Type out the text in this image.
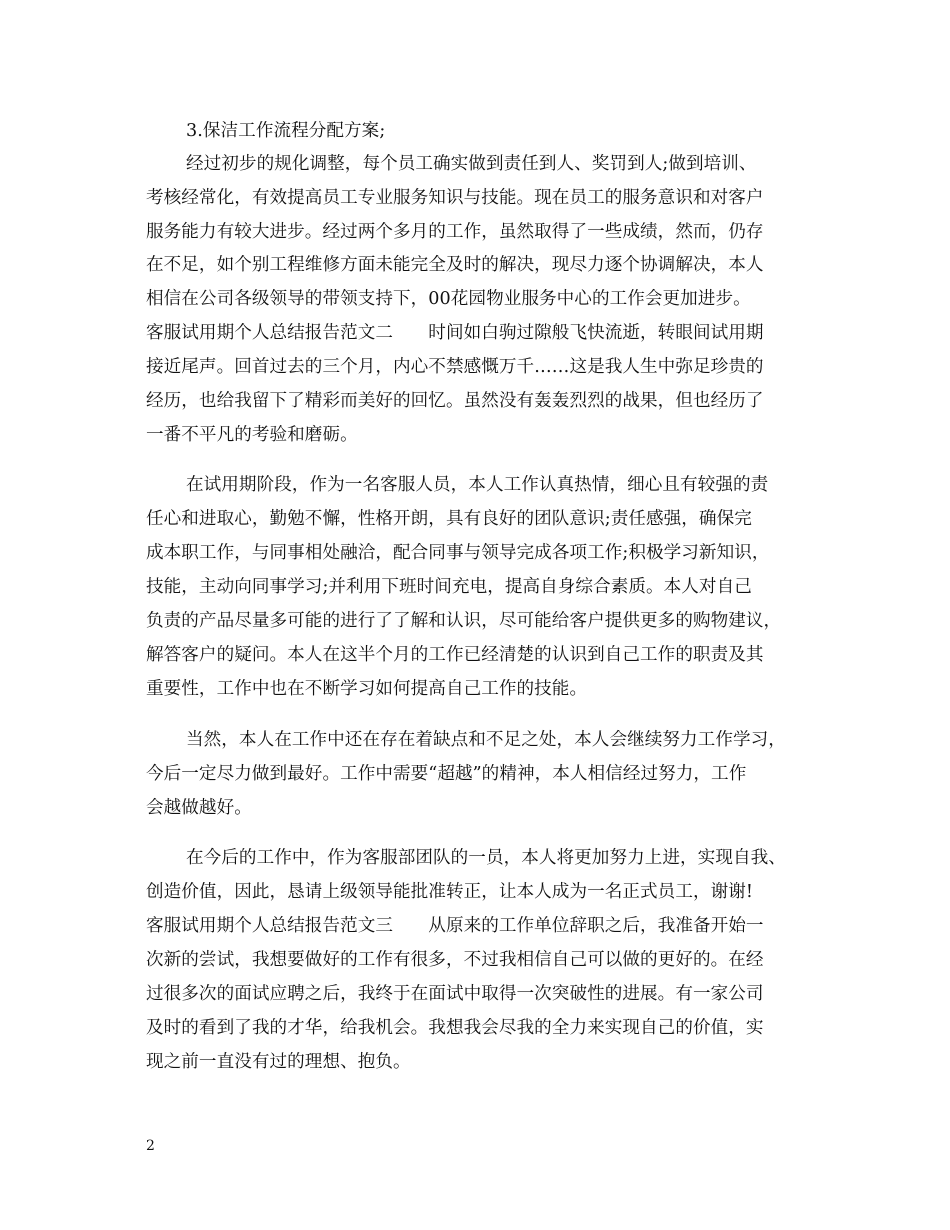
3.保洁工作流程分配方案;
经过初步的规化调整，每个员工确实做到责任到人、奖罚到人;做到培训、
考核经常化，有效提高员工专业服务知识与技能。现在员工的服务意识和对客户
服务能力有较大进步。经过两个多月的工作，虽然取得了一些成绩，然而，仍存
在不足，如个别工程维修方面未能完全及时的解决，现尽力逐个协调解决，本人
相信在公司各级领导的带领支持下，00花园物业服务中心的工作会更加进步。
客服试用期个人总结报告范文二　　时间如白驹过隙般飞快流逝，转眼间试用期
接近尾声。回首过去的三个月，内心不禁感慨万千……这是我人生中弥足珍贵的
经历，也给我留下了精彩而美好的回忆。虽然没有轰轰烈烈的战果，但也经历了
一番不平凡的考验和磨砺。
在试用期阶段，作为一名客服人员，本人工作认真热情，细心且有较强的责
任心和进取心，勤勉不懈，性格开朗，具有良好的团队意识;责任感强，确保完
成本职工作，与同事相处融洽，配合同事与领导完成各项工作;积极学习新知识，
技能，主动向同事学习;并利用下班时间充电，提高自身综合素质。本人对自己
负责的产品尽量多可能的进行了了解和认识，尽可能给客户提供更多的购物建议，
解答客户的疑问。本人在这半个月的工作已经清楚的认识到自己工作的职责及其
重要性，工作中也在不断学习如何提高自己工作的技能。
当然，本人在工作中还在存在着缺点和不足之处，本人会继续努力工作学习，
今后一定尽力做到最好。工作中需要“超越”的精神，本人相信经过努力，工作
会越做越好。
在今后的工作中，作为客服部团队的一员，本人将更加努力上进，实现自我、
创造价值，因此，恳请上级领导能批准转正，让本人成为一名正式员工，谢谢!
客服试用期个人总结报告范文三　　从原来的工作单位辞职之后，我准备开始一
次新的尝试，我想要做好的工作有很多，不过我相信自己可以做的更好的。在经
过很多次的面试应聘之后，我终于在面试中取得一次突破性的进展。有一家公司
及时的看到了我的才华，给我机会。我想我会尽我的全力来实现自己的价值，实
现之前一直没有过的理想、抱负。
2
